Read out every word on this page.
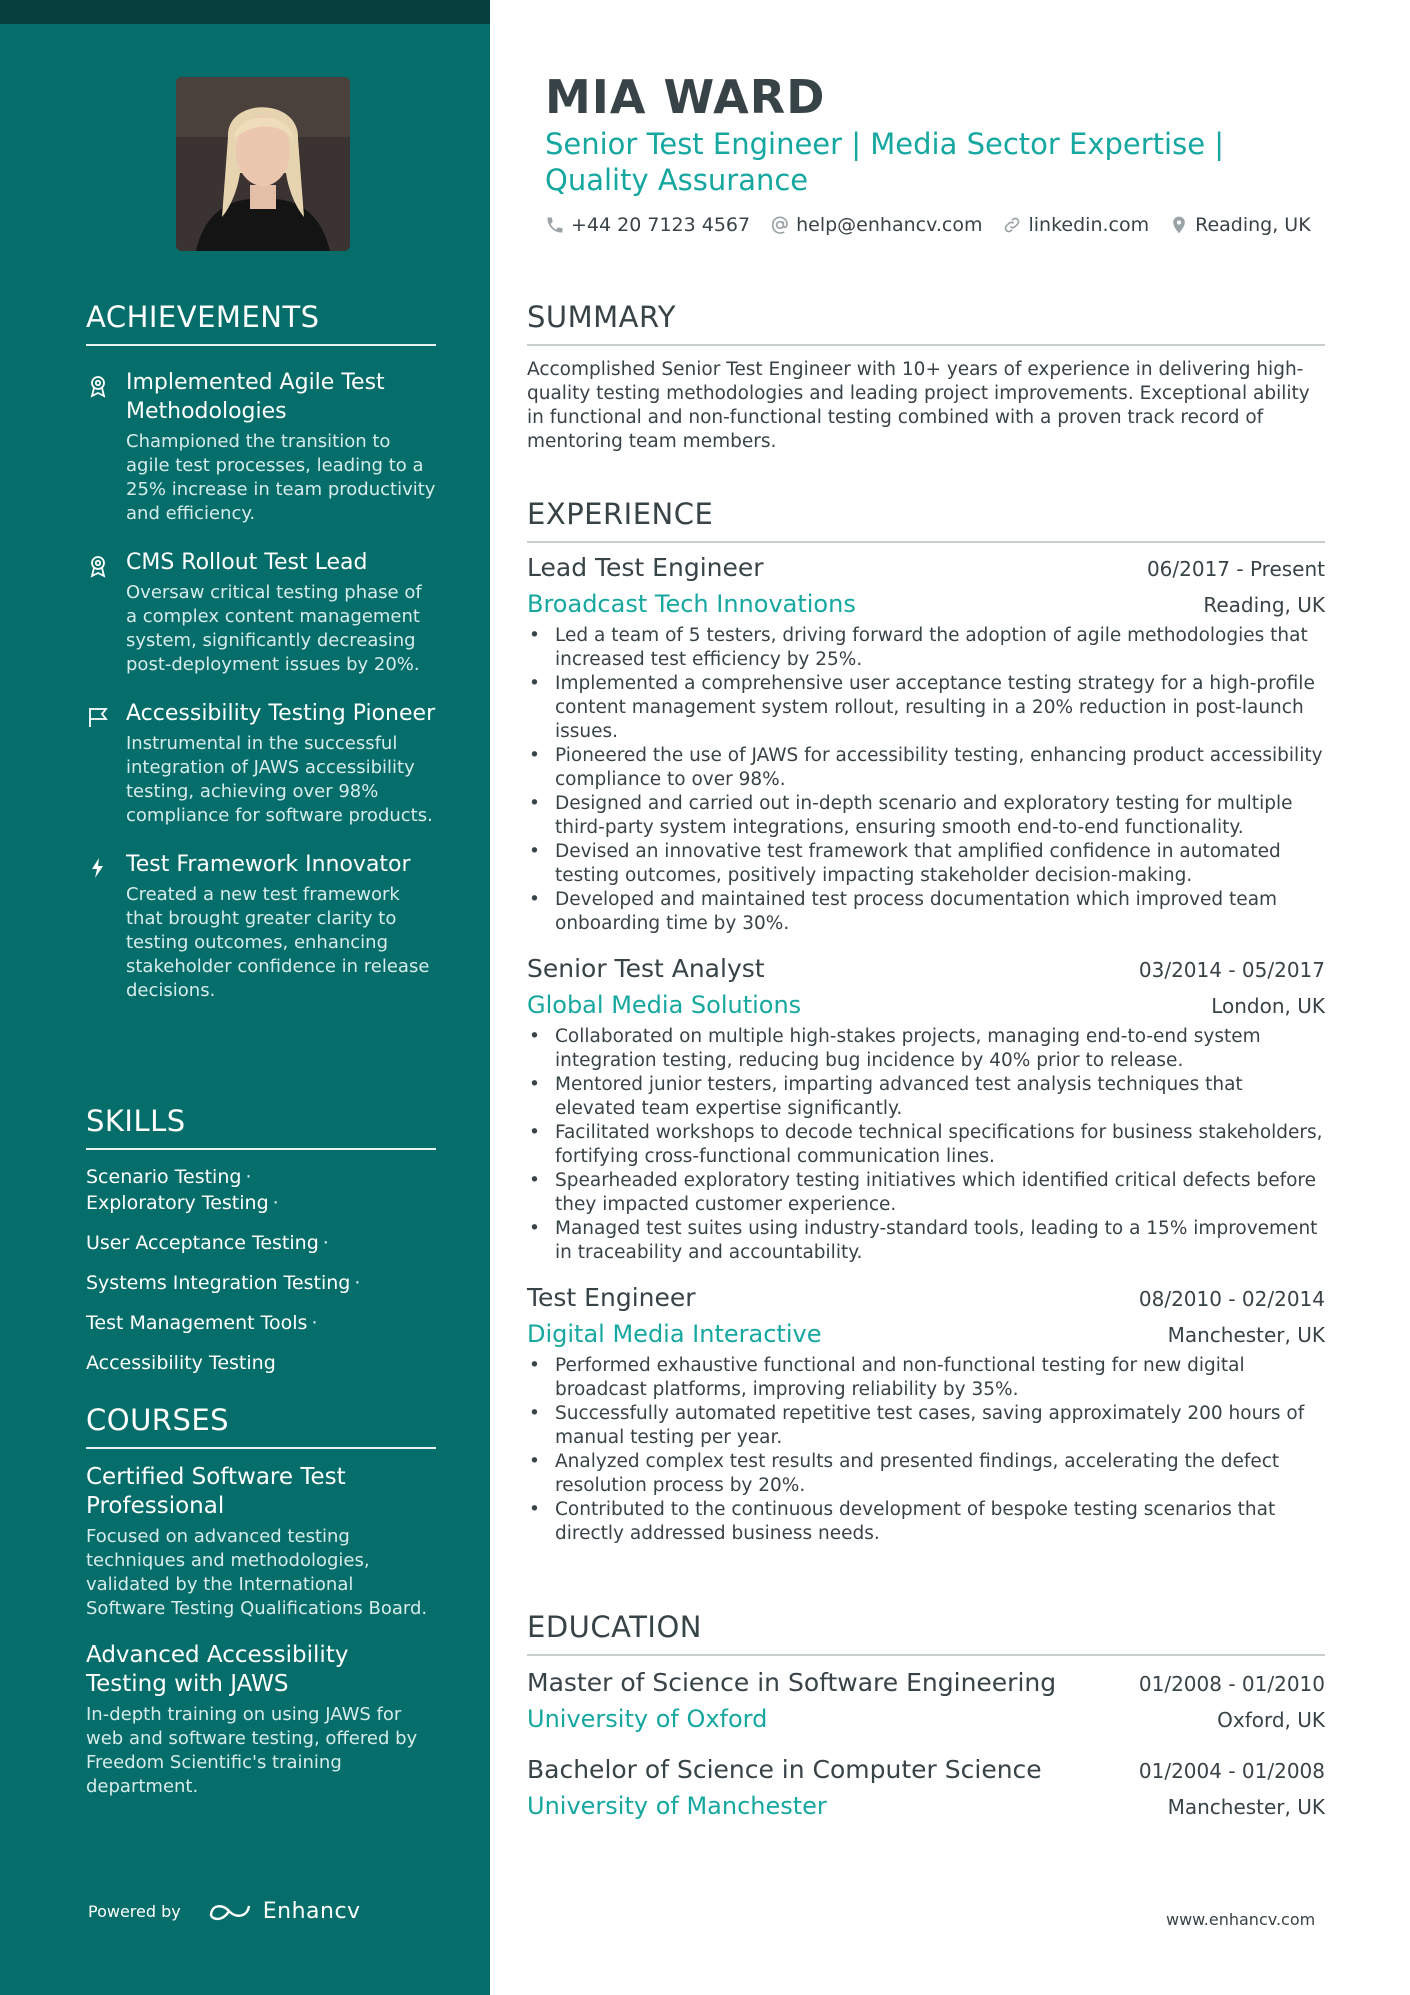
ACHIEVEMENTS
Implemented Agile Test Methodologies
Championed the transition to agile test processes, leading to a 25% increase in team productivity and efficiency.
CMS Rollout Test Lead
Oversaw critical testing phase of a complex content management system, significantly decreasing post-deployment issues by 20%.
Accessibility Testing Pioneer
Instrumental in the successful integration of JAWS accessibility testing, achieving over 98% compliance for software products.
Test Framework Innovator
Created a new test framework that brought greater clarity to testing outcomes, enhancing stakeholder confidence in release decisions.
SKILLS
Scenario Testing · Exploratory Testing ·
User Acceptance Testing ·
Systems Integration Testing ·
Test Management Tools ·
Accessibility Testing
COURSES
Certified Software Test Professional
Focused on advanced testing techniques and methodologies, validated by the International Software Testing Qualifications Board.
Advanced Accessibility Testing with JAWS
In-depth training on using JAWS for web and software testing, offered by Freedom Scientific's training department.
Powered by	Enhancv
MIA WARD
Senior Test Engineer | Media Sector Expertise | Quality Assurance
+44 20 7123 4567 help@enhancv.com linkedin.com Reading, UK
SUMMARY
Accomplished Senior Test Engineer with 10+ years of experience in delivering high-quality testing methodologies and leading project improvements. Exceptional ability in functional and non-functional testing combined with a proven track record of mentoring team members.
EXPERIENCE
Lead Test Engineer	06/2017 - Present
Broadcast Tech Innovations	Reading, UK
• Led a team of 5 testers, driving forward the adoption of agile methodologies that increased test efficiency by 25%.
• Implemented a comprehensive user acceptance testing strategy for a high-profile content management system rollout, resulting in a 20% reduction in post-launch issues.
• Pioneered the use of JAWS for accessibility testing, enhancing product accessibility compliance to over 98%.
• Designed and carried out in-depth scenario and exploratory testing for multiple third-party system integrations, ensuring smooth end-to-end functionality.
• Devised an innovative test framework that amplified confidence in automated testing outcomes, positively impacting stakeholder decision-making.
• Developed and maintained test process documentation which improved team onboarding time by 30%.
Senior Test Analyst	03/2014 - 05/2017
Global Media Solutions	London, UK
• Collaborated on multiple high-stakes projects, managing end-to-end system integration testing, reducing bug incidence by 40% prior to release.
• Mentored junior testers, imparting advanced test analysis techniques that elevated team expertise significantly.
• Facilitated workshops to decode technical specifications for business stakeholders, fortifying cross-functional communication lines.
• Spearheaded exploratory testing initiatives which identified critical defects before they impacted customer experience.
• Managed test suites using industry-standard tools, leading to a 15% improvement in traceability and accountability.
Test Engineer	08/2010 - 02/2014
Digital Media Interactive	Manchester, UK
• Performed exhaustive functional and non-functional testing for new digital broadcast platforms, improving reliability by 35%.
• Successfully automated repetitive test cases, saving approximately 200 hours of manual testing per year.
• Analyzed complex test results and presented findings, accelerating the defect resolution process by 20%.
• Contributed to the continuous development of bespoke testing scenarios that directly addressed business needs.
EDUCATION
Master of Science in Software Engineering	01/2008 - 01/2010
University of Oxford	Oxford, UK
Bachelor of Science in Computer Science	01/2004 - 01/2008
University of Manchester	Manchester, UK
www.enhancv.com
